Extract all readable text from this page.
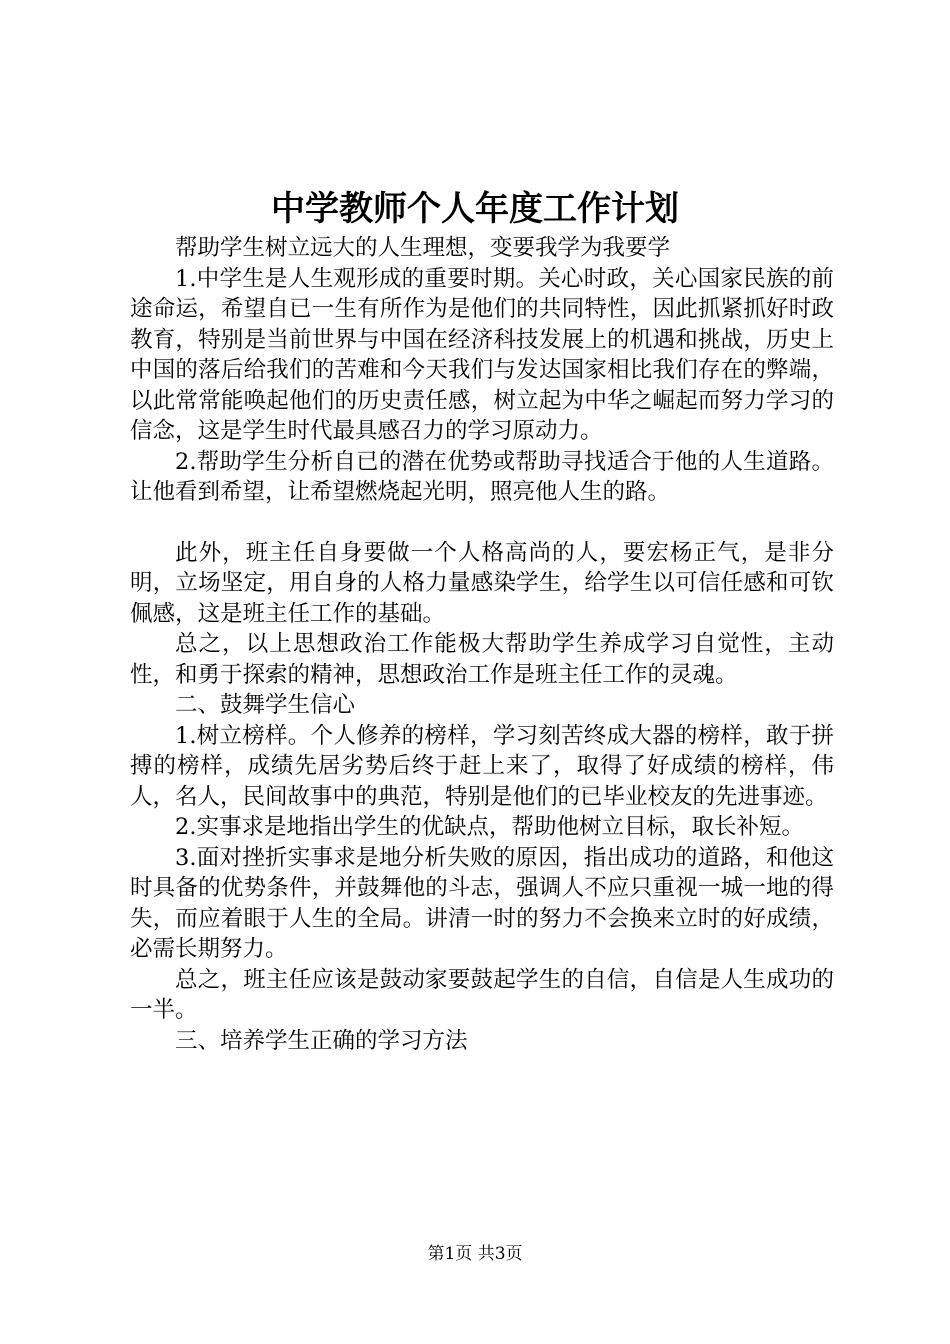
中学教师个人年度工作计划

帮助学生树立远大的人生理想，变要我学为我要学

1.中学生是人生观形成的重要时期。关心时政，关心国家民族的前途命运，希望自已一生有所作为是他们的共同特性，因此抓紧抓好时政教育，特别是当前世界与中国在经济科技发展上的机遇和挑战，历史上中国的落后给我们的苦难和今天我们与发达国家相比我们存在的弊端，以此常常能唤起他们的历史责任感，树立起为中华之崛起而努力学习的信念，这是学生时代最具感召力的学习原动力。

2.帮助学生分析自已的潜在优势或帮助寻找适合于他的人生道路。让他看到希望，让希望燃烧起光明，照亮他人生的路。

此外，班主任自身要做一个人格高尚的人，要宏杨正气，是非分明，立场坚定，用自身的人格力量感染学生，给学生以可信任感和可钦佩感，这是班主任工作的基础。

总之，以上思想政治工作能极大帮助学生养成学习自觉性，主动性，和勇于探索的精神，思想政治工作是班主任工作的灵魂。

二、鼓舞学生信心

1.树立榜样。个人修养的榜样，学习刻苦终成大器的榜样，敢于拼搏的榜样，成绩先居劣势后终于赶上来了，取得了好成绩的榜样，伟人，名人，民间故事中的典范，特别是他们的已毕业校友的先进事迹。

2.实事求是地指出学生的优缺点，帮助他树立目标，取长补短。

3.面对挫折实事求是地分析失败的原因，指出成功的道路，和他这时具备的优势条件，并鼓舞他的斗志，强调人不应只重视一城一地的得失，而应着眼于人生的全局。讲清一时的努力不会换来立时的好成绩，必需长期努力。

总之，班主任应该是鼓动家要鼓起学生的自信，自信是人生成功的一半。

三、培养学生正确的学习方法

第1页 共3页
